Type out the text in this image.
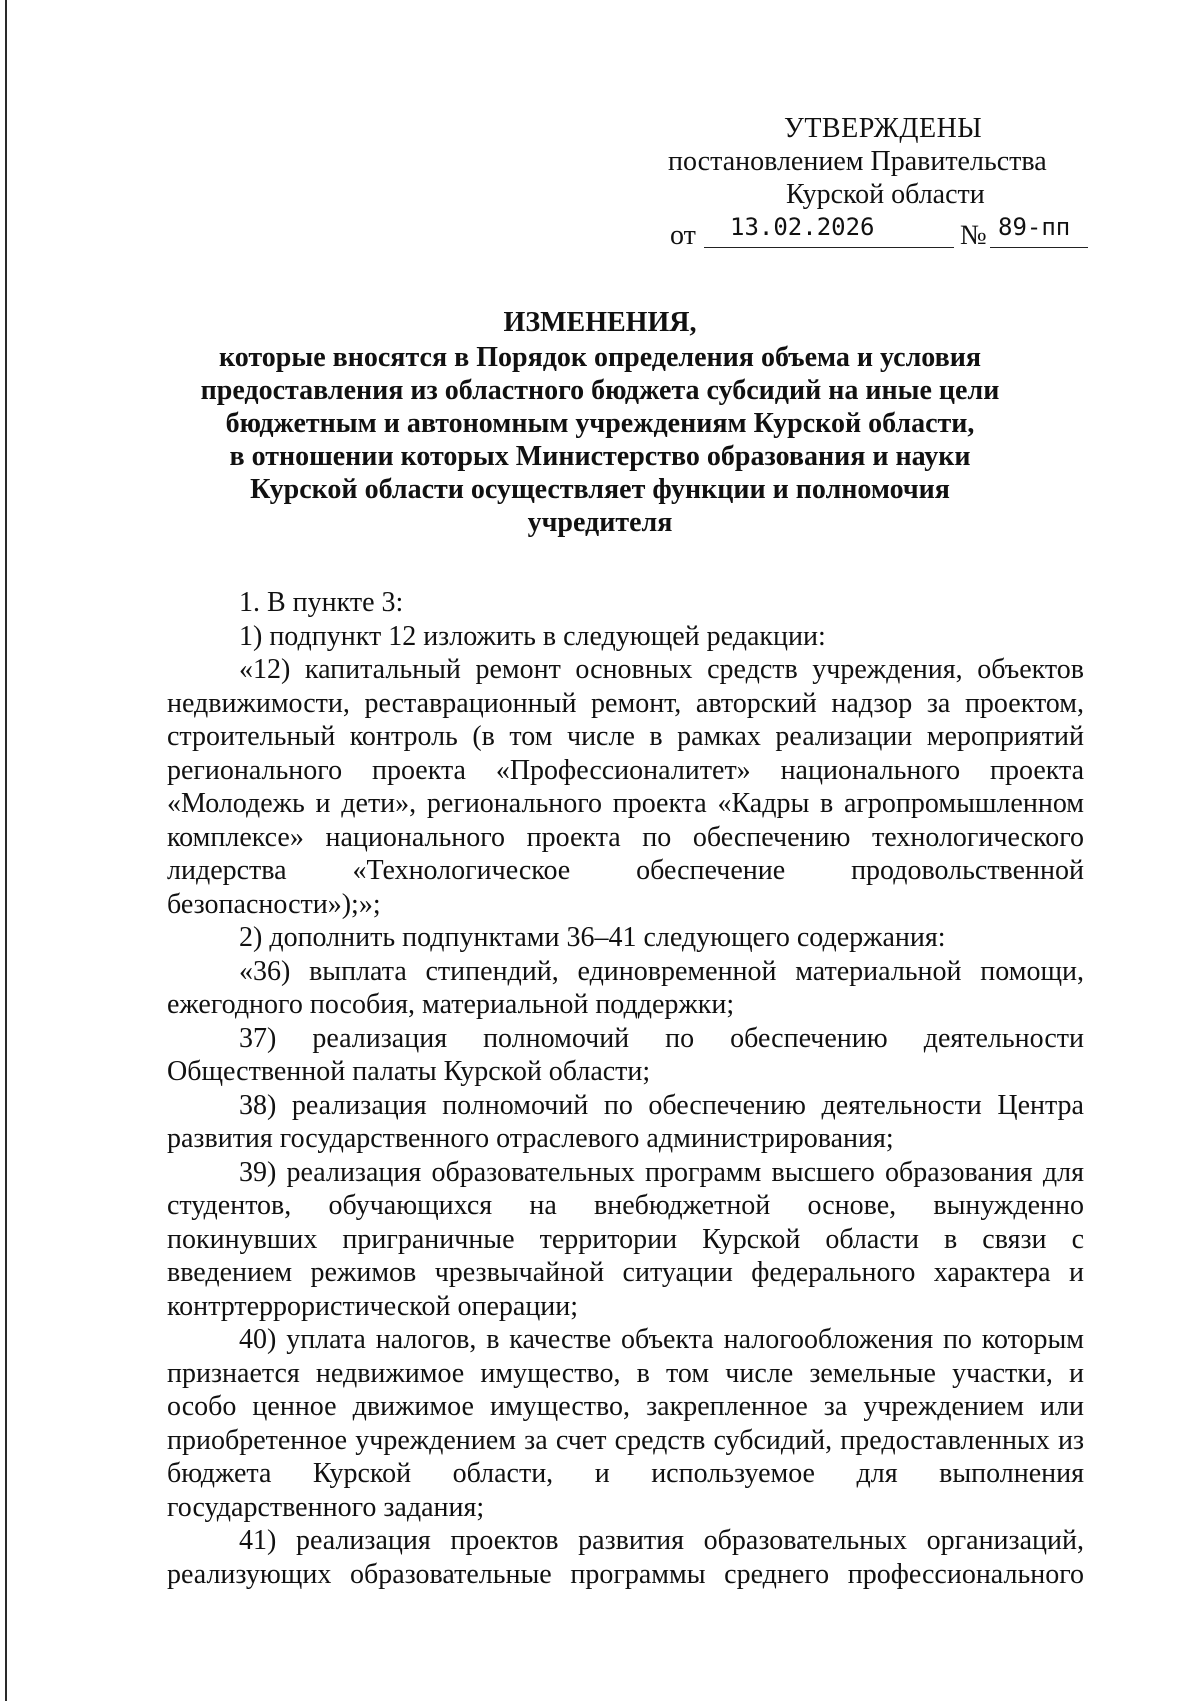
УТВЕРЖДЕНЫ
постановлением Правительства
Курской области
от 13.02.2026	№ 89-пп
ИЗМЕНЕНИЯ,
которые вносятся в Порядок определения объема и условия
предоставления из областного бюджета субсидий на иные цели
бюджетным и автономным учреждениям Курской области,
в отношении которых Министерство образования и науки
Курской области осуществляет функции и полномочия
учредителя

1. В пункте 3:

1) подпункт 12 изложить в следующей редакции:

«12) капитальный ремонт основных средств учреждения, объектов недвижимости, реставрационный ремонт, авторский надзор за проектом, строительный контроль (в том числе в рамках реализации мероприятий регионального проекта «Профессионалитет» национального проекта «Молодежь и дети», регионального проекта «Кадры в агропромышленном комплексе» национального проекта по обеспечению технологического лидерства «Технологическое обеспечение продовольственной безопасности»);»;

2) дополнить подпунктами 36–41 следующего содержания:

«36) выплата стипендий, единовременной материальной помощи, ежегодного пособия, материальной поддержки;

37) реализация полномочий по обеспечению деятельности Общественной палаты Курской области;

38) реализация полномочий по обеспечению деятельности Центра развития государственного отраслевого администрирования;

39) реализация образовательных программ высшего образования для студентов, обучающихся на внебюджетной основе, вынужденно покинувших приграничные территории Курской области в связи с введением режимов чрезвычайной ситуации федерального характера и контртеррористической операции;

40) уплата налогов, в качестве объекта налогообложения по которым признается недвижимое имущество, в том числе земельные участки, и особо ценное движимое имущество, закрепленное за учреждением или приобретенное учреждением за счет средств субсидий, предоставленных из бюджета Курской области, и используемое для выполнения государственного задания;

41) реализация проектов развития образовательных организаций, реализующих образовательные программы среднего профессионального
